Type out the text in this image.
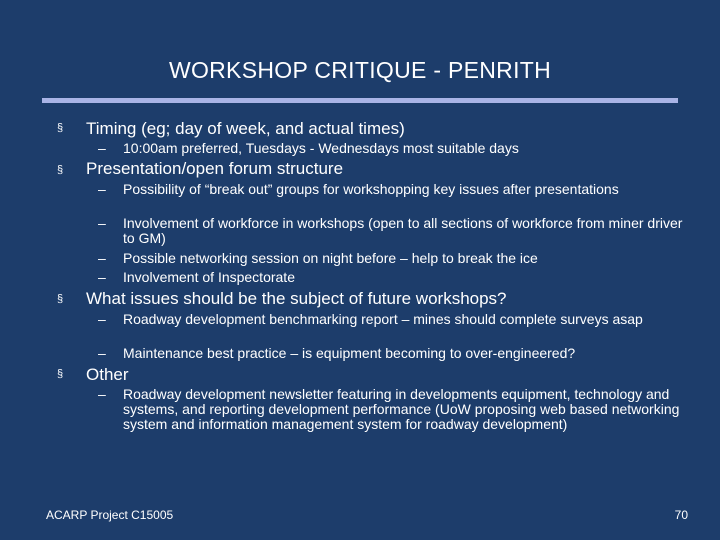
WORKSHOP CRITIQUE - PENRITH
§ Timing (eg; day of week, and actual times)
– 10:00am preferred, Tuesdays - Wednesdays most suitable days
§ Presentation/open forum structure
– Possibility of “break out” groups for workshopping key issues after presentations
– Involvement of workforce in workshops (open to all sections of workforce from miner driver to GM)
– Possible networking session on night before – help to break the ice
– Involvement of Inspectorate
§ What issues should be the subject of future workshops?
– Roadway development benchmarking report – mines should complete surveys asap
– Maintenance best practice – is equipment becoming to over-engineered?
§ Other
– Roadway development newsletter featuring in developments equipment, technology and systems, and reporting development performance (UoW proposing web based networking system and information management system for roadway development)
ACARP Project C15005	70
